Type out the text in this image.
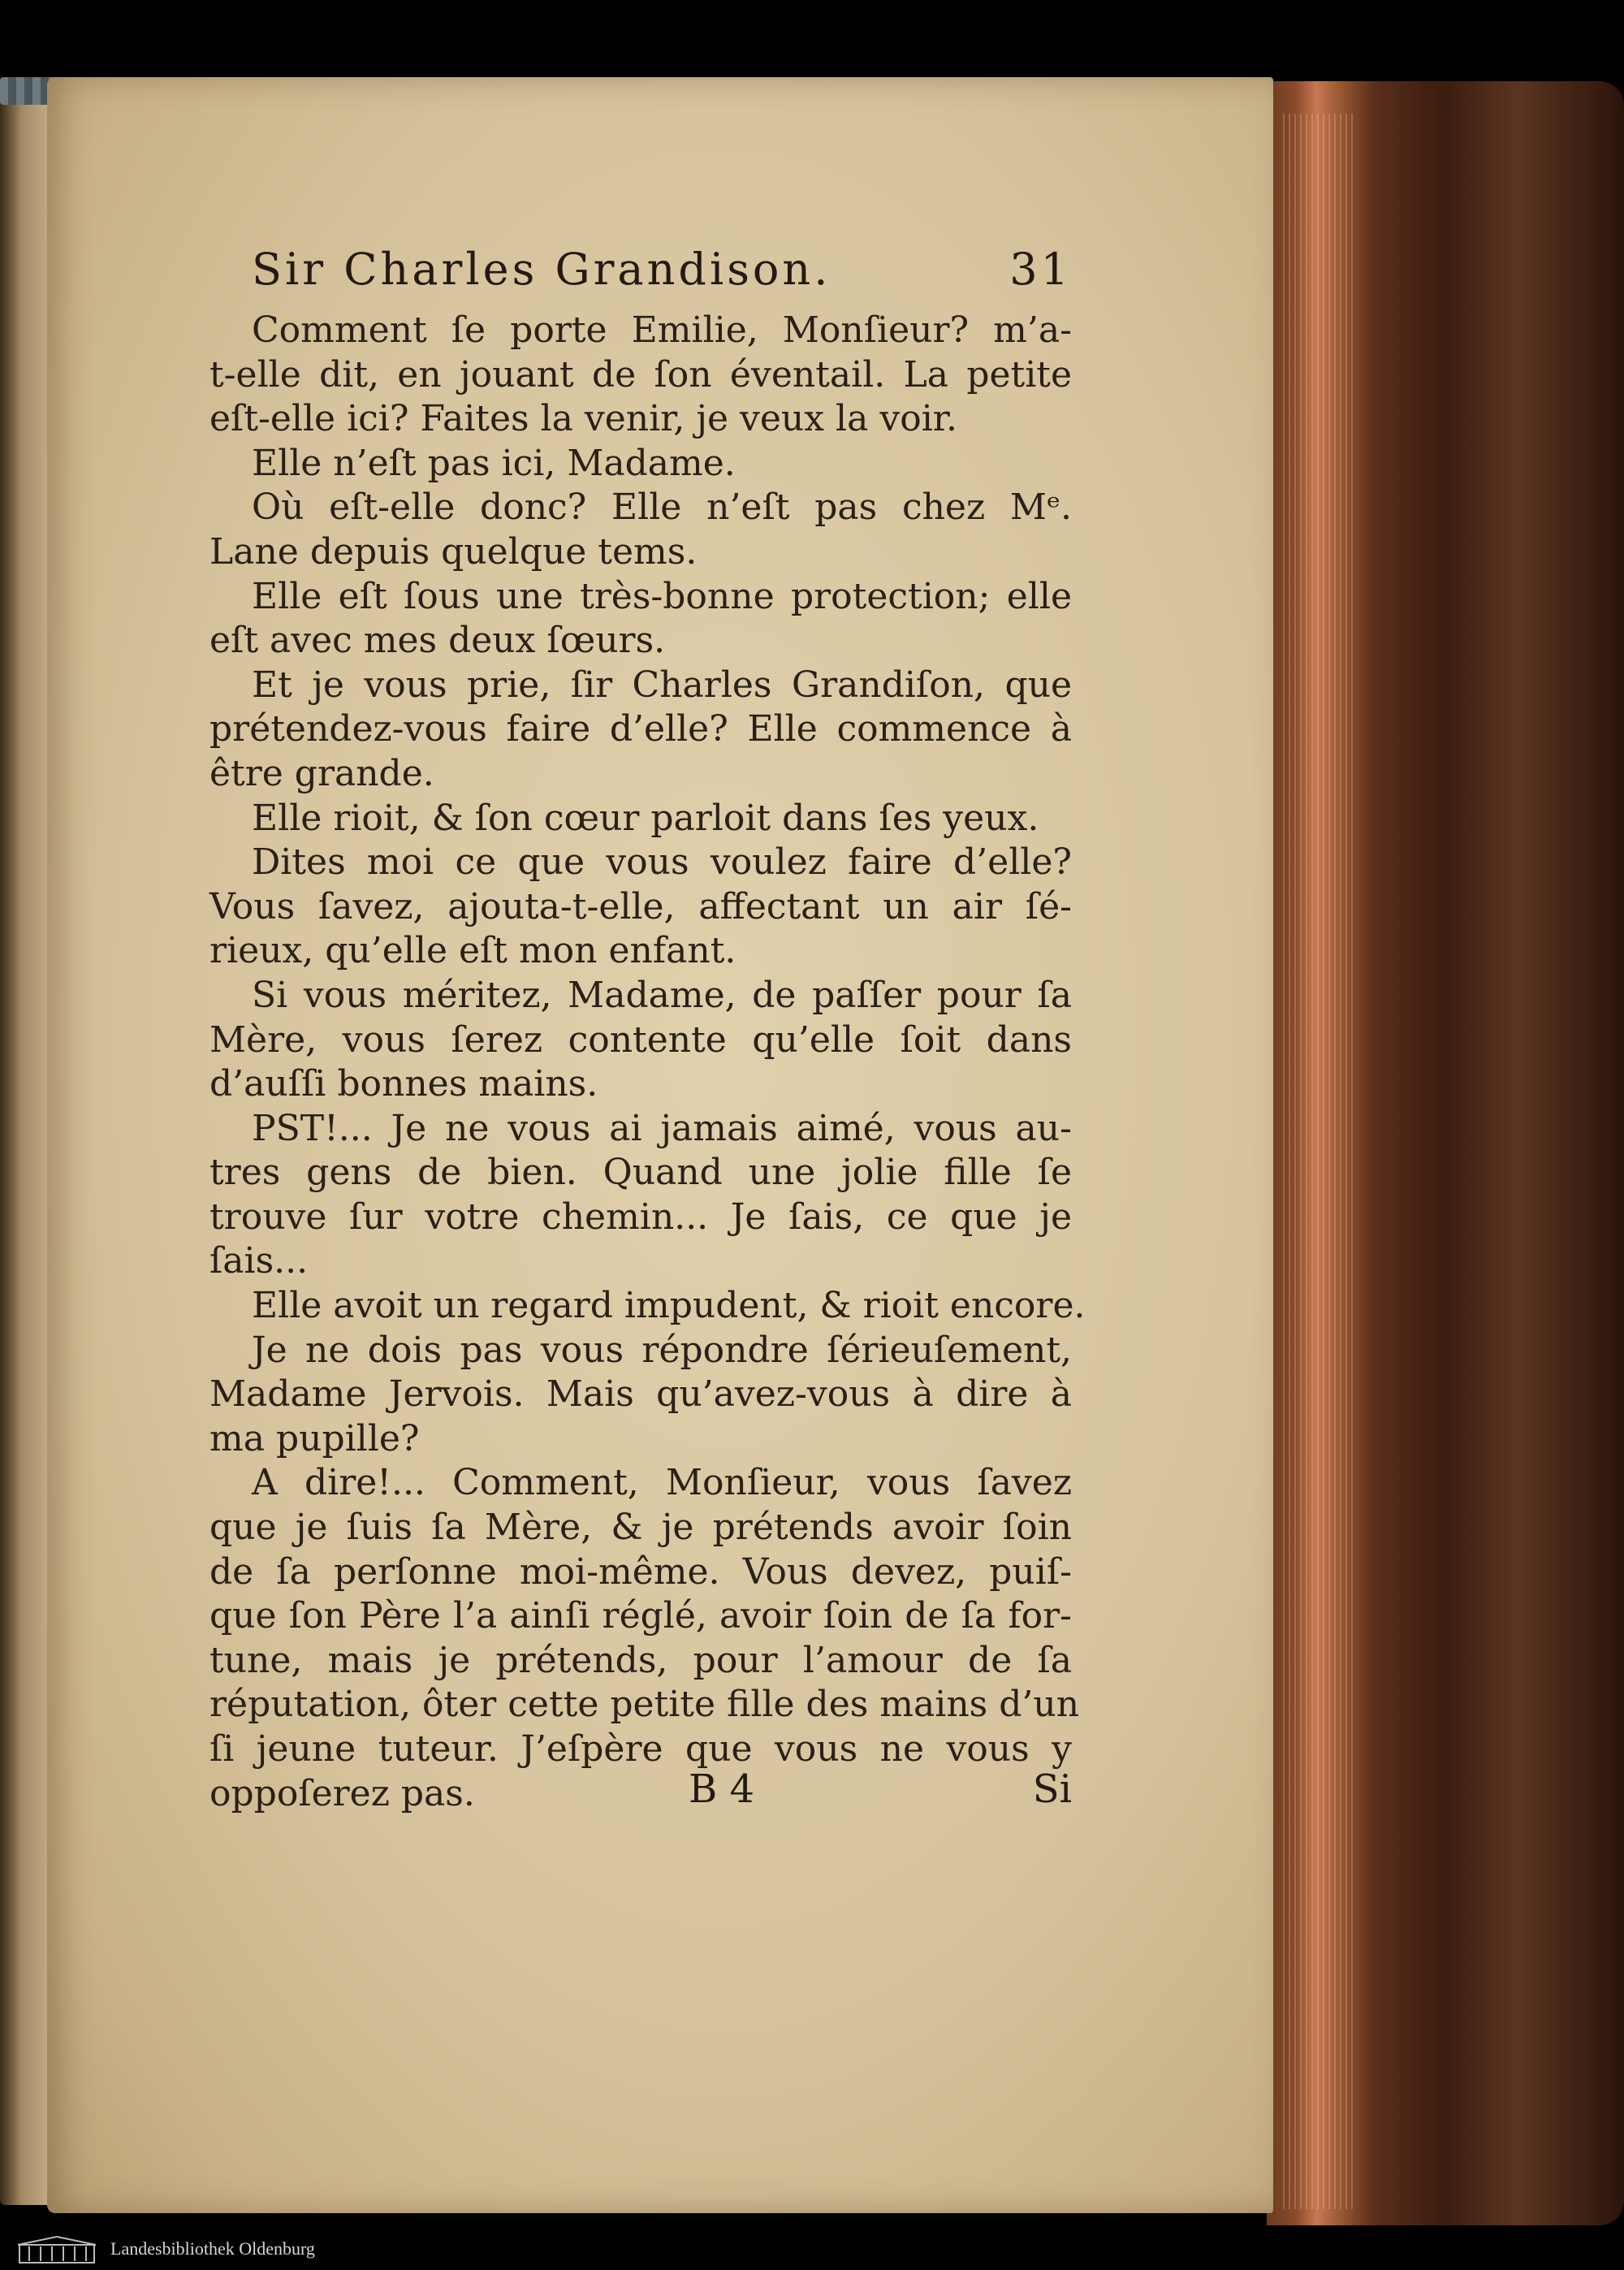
Sir Charles Grandison.	31
Comment ſe porte Emilie, Monſieur? m’a-
t-elle dit, en jouant de ſon éventail. La petite
eſt-elle ici? Faites la venir, je veux la voir.
Elle n’eſt pas ici, Madame.
Où eſt-elle donc? Elle n’eſt pas chez Mᵉ.
Lane depuis quelque tems.
Elle eſt ſous une très-bonne protection; elle
eſt avec mes deux ſœurs.
Et je vous prie, ſir Charles Grandiſon, que
prétendez-vous faire d’elle? Elle commence à
être grande.
Elle rioit, & ſon cœur parloit dans ſes yeux.
Dites moi ce que vous voulez faire d’elle?
Vous ſavez, ajouta-t-elle, affectant un air ſé-
rieux, qu’elle eſt mon enfant.
Si vous méritez, Madame, de paſſer pour ſa
Mère, vous ſerez contente qu’elle ſoit dans
d’auſſi bonnes mains.
PST!... Je ne vous ai jamais aimé, vous au-
tres gens de bien. Quand une jolie fille ſe
trouve ſur votre chemin... Je ſais, ce que je
ſais...
Elle avoit un regard impudent, & rioit encore.
Je ne dois pas vous répondre ſérieuſement,
Madame Jervois. Mais qu’avez-vous à dire à
ma pupille?
A dire!... Comment, Monſieur, vous ſavez
que je ſuis ſa Mère, & je prétends avoir ſoin
de ſa perſonne moi-même. Vous devez, puiſ-
que ſon Père l’a ainſi réglé, avoir ſoin de ſa for-
tune, mais je prétends, pour l’amour de ſa
réputation, ôter cette petite fille des mains d’un
ſi jeune tuteur. J’eſpère que vous ne vous y
oppoſerez pas.	B 4	Si
Landesbibliothek Oldenburg
